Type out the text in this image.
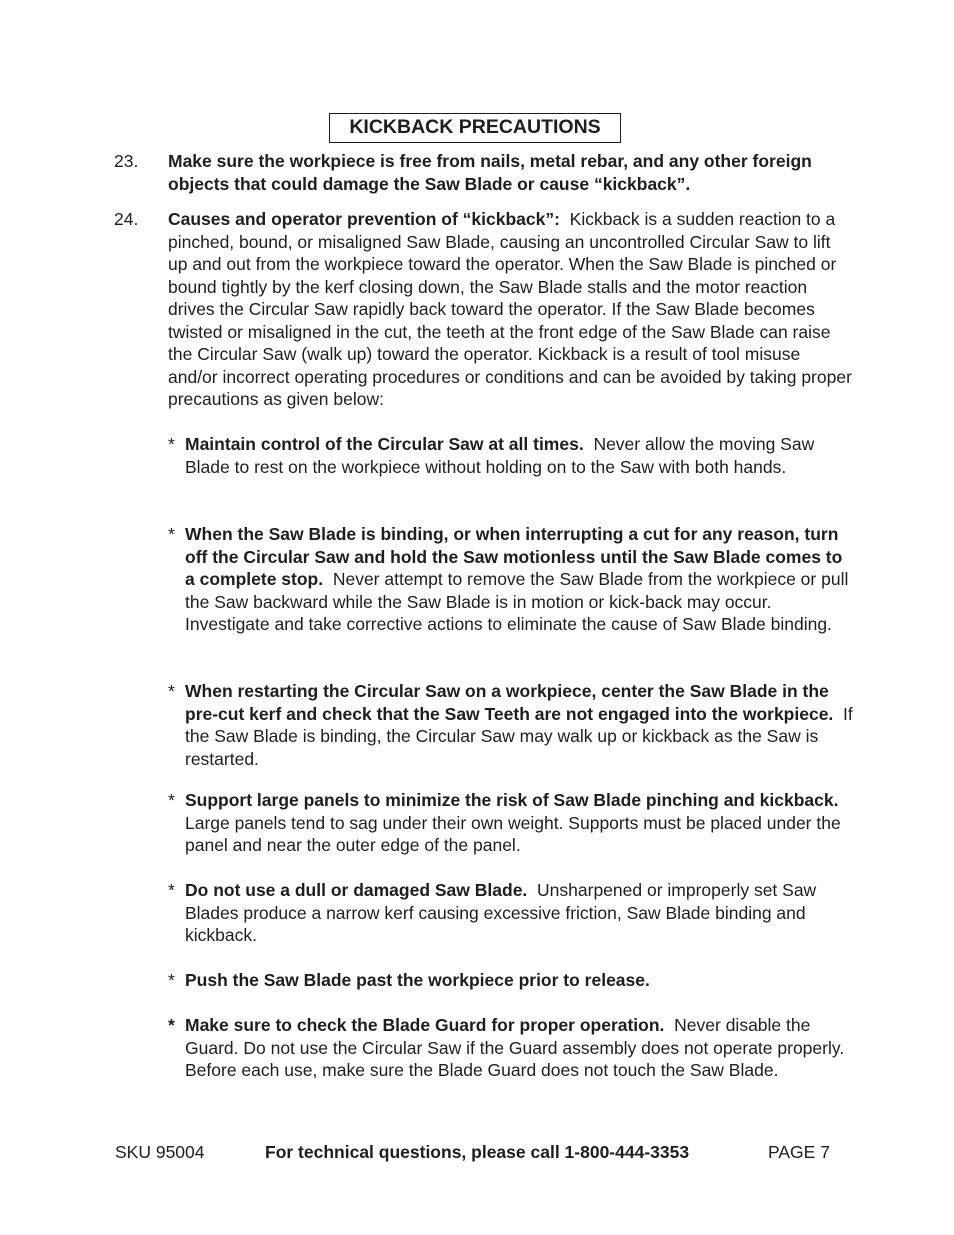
KICKBACK PRECAUTIONS
23. Make sure the workpiece is free from nails, metal rebar, and any other foreign objects that could damage the Saw Blade or cause “kickback”.

24. Causes and operator prevention of “kickback”: Kickback is a sudden reaction to a pinched, bound, or misaligned Saw Blade, causing an uncontrolled Circular Saw to lift up and out from the workpiece toward the operator. When the Saw Blade is pinched or bound tightly by the kerf closing down, the Saw Blade stalls and the motor reaction drives the Circular Saw rapidly back toward the operator. If the Saw Blade becomes twisted or misaligned in the cut, the teeth at the front edge of the Saw Blade can raise the Circular Saw (walk up) toward the operator. Kickback is a result of tool misuse and/or incorrect operating procedures or conditions and can be avoided by taking proper precautions as given below:

* Maintain control of the Circular Saw at all times. Never allow the moving Saw Blade to rest on the workpiece without holding on to the Saw with both hands.
* When the Saw Blade is binding, or when interrupting a cut for any reason, turn off the Circular Saw and hold the Saw motionless until the Saw Blade comes to a complete stop. Never attempt to remove the Saw Blade from the workpiece or pull the Saw backward while the Saw Blade is in motion or kick-back may occur. Investigate and take corrective actions to eliminate the cause of Saw Blade binding.
* When restarting the Circular Saw on a workpiece, center the Saw Blade in the pre-cut kerf and check that the Saw Teeth are not engaged into the workpiece. If the Saw Blade is binding, the Circular Saw may walk up or kickback as the Saw is restarted.
* Support large panels to minimize the risk of Saw Blade pinching and kickback.  Large panels tend to sag under their own weight. Supports must be placed under the panel and near the outer edge of the panel.
* Do not use a dull or damaged Saw Blade. Unsharpened or improperly set Saw Blades produce a narrow kerf causing excessive friction, Saw Blade binding and kickback.
* Push the Saw Blade past the workpiece prior to release.
* Make sure to check the Blade Guard for proper operation. Never disable the Guard. Do not use the Circular Saw if the Guard assembly does not operate properly. Before each use, make sure the Blade Guard does not touch the Saw Blade.
SKU 95004	For technical questions, please call 1-800-444-3353	PAGE 7
